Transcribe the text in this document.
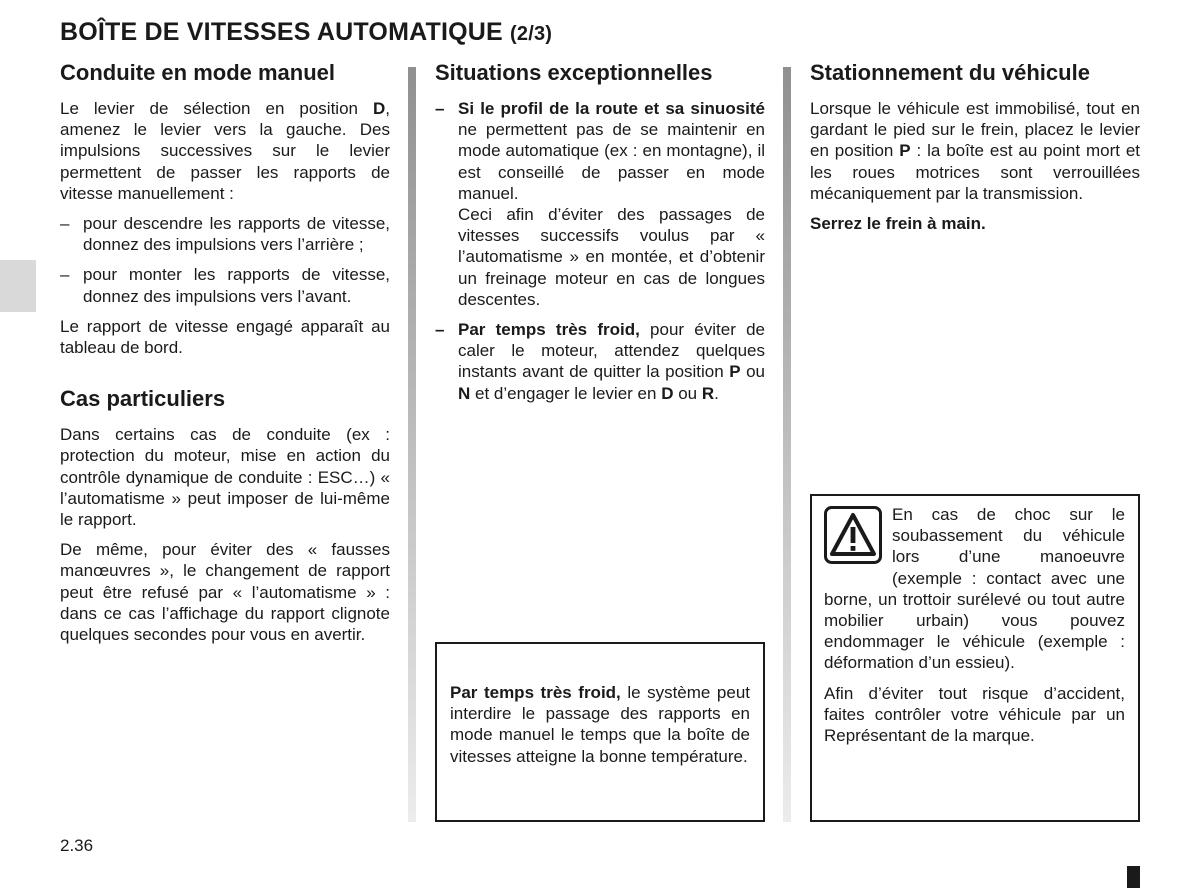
BOÎTE DE VITESSES AUTOMATIQUE (2/3)
Conduite en mode manuel

Le levier de sélection en position D, amenez le levier vers la gauche. Des impulsions successives sur le levier permettent de passer les rapports de vitesse manuellement :

– pour descendre les rapports de vitesse, donnez des impulsions vers l’arrière ;
– pour monter les rapports de vitesse, donnez des impulsions vers l’avant.

Le rapport de vitesse engagé apparaît au tableau de bord.

Cas particuliers

Dans certains cas de conduite (ex : protection du moteur, mise en action du contrôle dynamique de conduite : ESC…) « l’automatisme » peut imposer de lui-même le rapport.

De même, pour éviter des « fausses manœuvres », le changement de rapport peut être refusé par « l’automatisme » : dans ce cas l’affichage du rapport clignote quelques secondes pour vous en avertir.

Situations exceptionnelles
– Si le profil de la route et sa sinuosité ne permettent pas de se maintenir en mode automatique (ex : en montagne), il est conseillé de passer en mode manuel.
Ceci afin d’éviter des passages de vitesses successifs voulus par « l’automatisme » en montée, et d’obtenir un freinage moteur en cas de longues descentes.
– Par temps très froid, pour éviter de caler le moteur, attendez quelques instants avant de quitter la position P ou N et d’engager le levier en D ou R.

Par temps très froid, le système peut interdire le passage des rapports en mode manuel le temps que la boîte de vitesses atteigne la bonne température.

Stationnement du véhicule

Lorsque le véhicule est immobilisé, tout en gardant le pied sur le frein, placez le levier en position P : la boîte est au point mort et les roues motrices sont verrouillées mécaniquement par la transmission.

Serrez le frein à main.

En cas de choc sur le soubassement du véhicule lors d’une manoeuvre (exemple : contact avec une borne, un trottoir surélevé ou tout autre mobilier urbain) vous pouvez endommager le véhicule (exemple : déformation d’un essieu).

Afin d’éviter tout risque d’accident, faites contrôler votre véhicule par un Représentant de la marque.

2.36
